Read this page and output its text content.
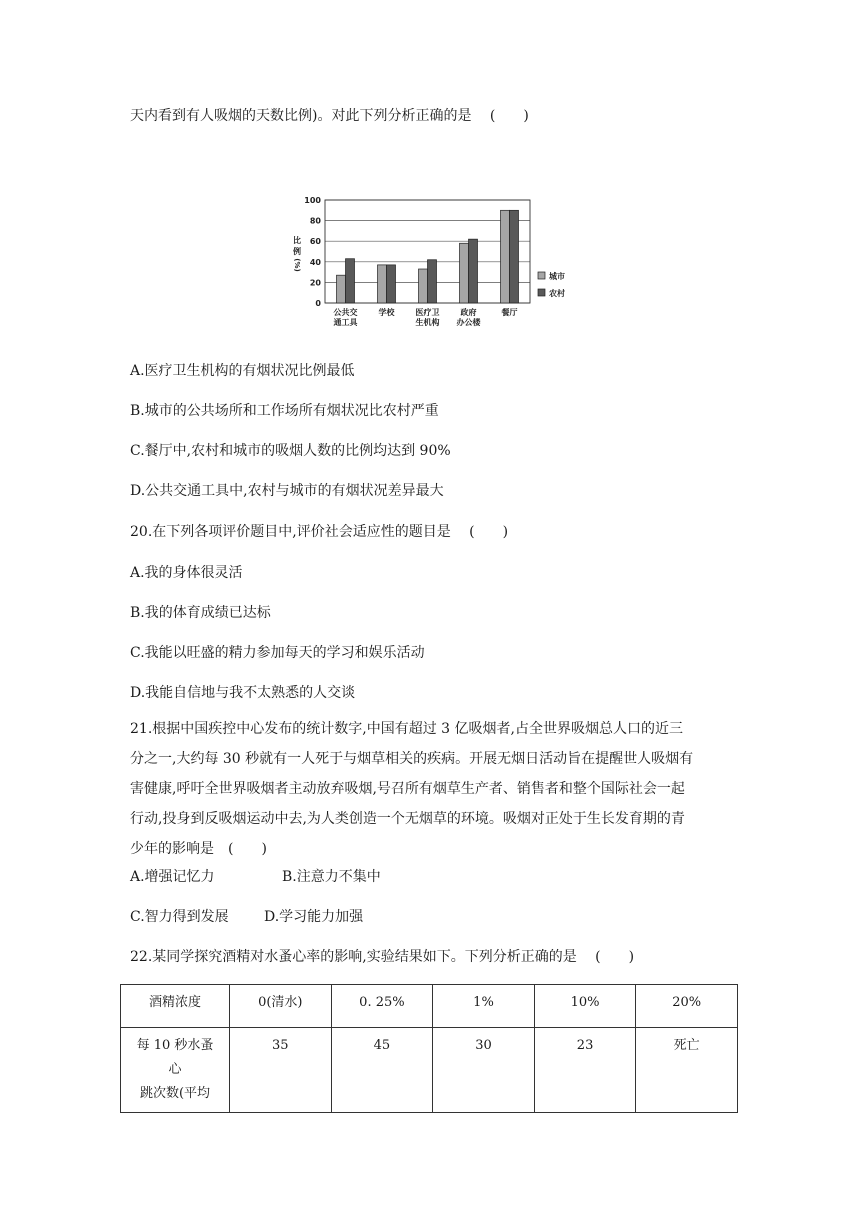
天内看到有人吸烟的天数比例)。对此下列分析正确的是 (　　)
0
20
40
60
80
100
比
例
(%)
公共交
通工具
学校	医疗卫
生机构
政府
办公楼
餐厅
城市
农村
A.医疗卫生机构的有烟状况比例最低
B.城市的公共场所和工作场所有烟状况比农村严重
C.餐厅中,农村和城市的吸烟人数的比例均达到 90%
D.公共交通工具中,农村与城市的有烟状况差异最大
20.在下列各项评价题目中,评价社会适应性的题目是 (　　)
A.我的身体很灵活
B.我的体育成绩已达标
C.我能以旺盛的精力参加每天的学习和娱乐活动
D.我能自信地与我不太熟悉的人交谈
21.根据中国疾控中心发布的统计数字,中国有超过 3 亿吸烟者,占全世界吸烟总人口的近三
分之一,大约每 30 秒就有一人死于与烟草相关的疾病。开展无烟日活动旨在提醒世人吸烟有
害健康,呼吁全世界吸烟者主动放弃吸烟,号召所有烟草生产者、销售者和整个国际社会一起
行动,投身到反吸烟运动中去,为人类创造一个无烟草的环境。吸烟对正处于生长发育期的青
少年的影响是　(　　)
A.增强记忆力	B.注意力不集中
C.智力得到发展	D.学习能力加强
22.某同学探究酒精对水蚤心率的影响,实验结果如下。下列分析正确的是 (　　)
酒精浓度	0(清水)	0. 25%	1%	10%	20%

每 10 秒水蚤
心
跳次数(平均	35	45	30	23	死亡
